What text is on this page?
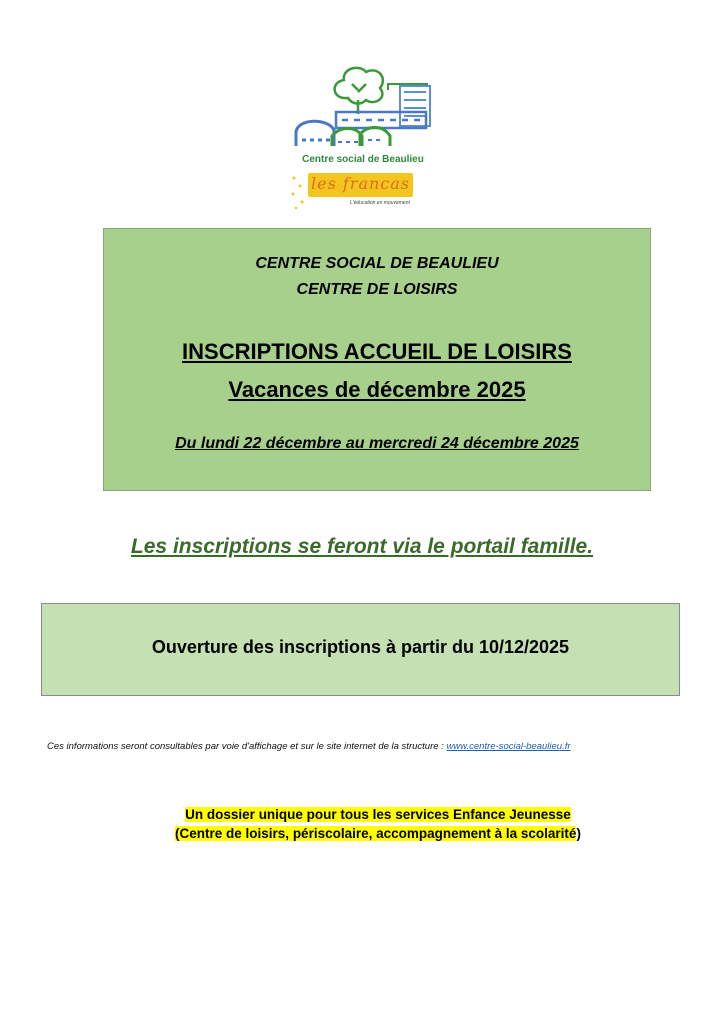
Centre social de Beaulieu
les francas
L'éducation en mouvement
CENTRE SOCIAL DE BEAULIEU
CENTRE DE LOISIRS
INSCRIPTIONS ACCUEIL DE LOISIRS
Vacances de décembre 2025
Du lundi 22 décembre au mercredi 24 décembre 2025
Les inscriptions se feront via le portail famille.
Ouverture des inscriptions à partir du 10/12/2025
Ces informations seront consultables par voie d'affichage et sur le site internet de la structure : www.centre-social-beaulieu.fr
Un dossier unique pour tous les services Enfance Jeunesse
(Centre de loisirs, périscolaire, accompagnement à la scolarité)
